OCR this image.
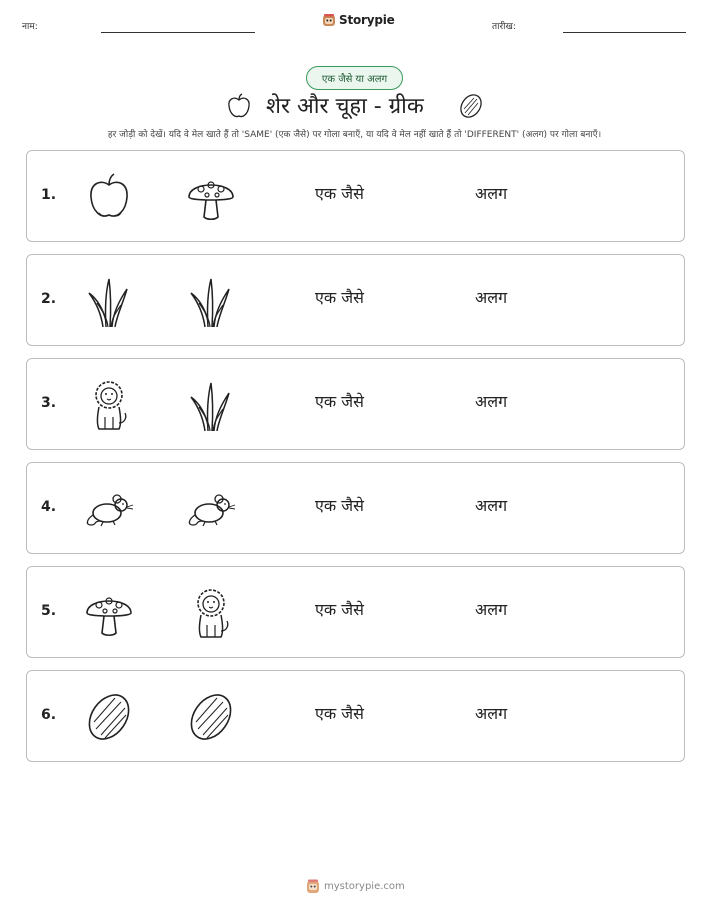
नाम:	Storypie	तारीख:
एक जैसे या अलग
शेर और चूहा - ग्रीक
हर जोड़ी को देखें। यदि वे मेल खाते हैं तो 'SAME' (एक जैसे) पर गोला बनाएँ, या यदि वे मेल नहीं खाते हैं तो 'DIFFERENT' (अलग) पर गोला बनाएँ।
1.	एक जैसे	अलग
2.	एक जैसे	अलग
3.	एक जैसे	अलग
4.	एक जैसे	अलग
5.	एक जैसे	अलग
6.	एक जैसे	अलग
mystorypie.com
